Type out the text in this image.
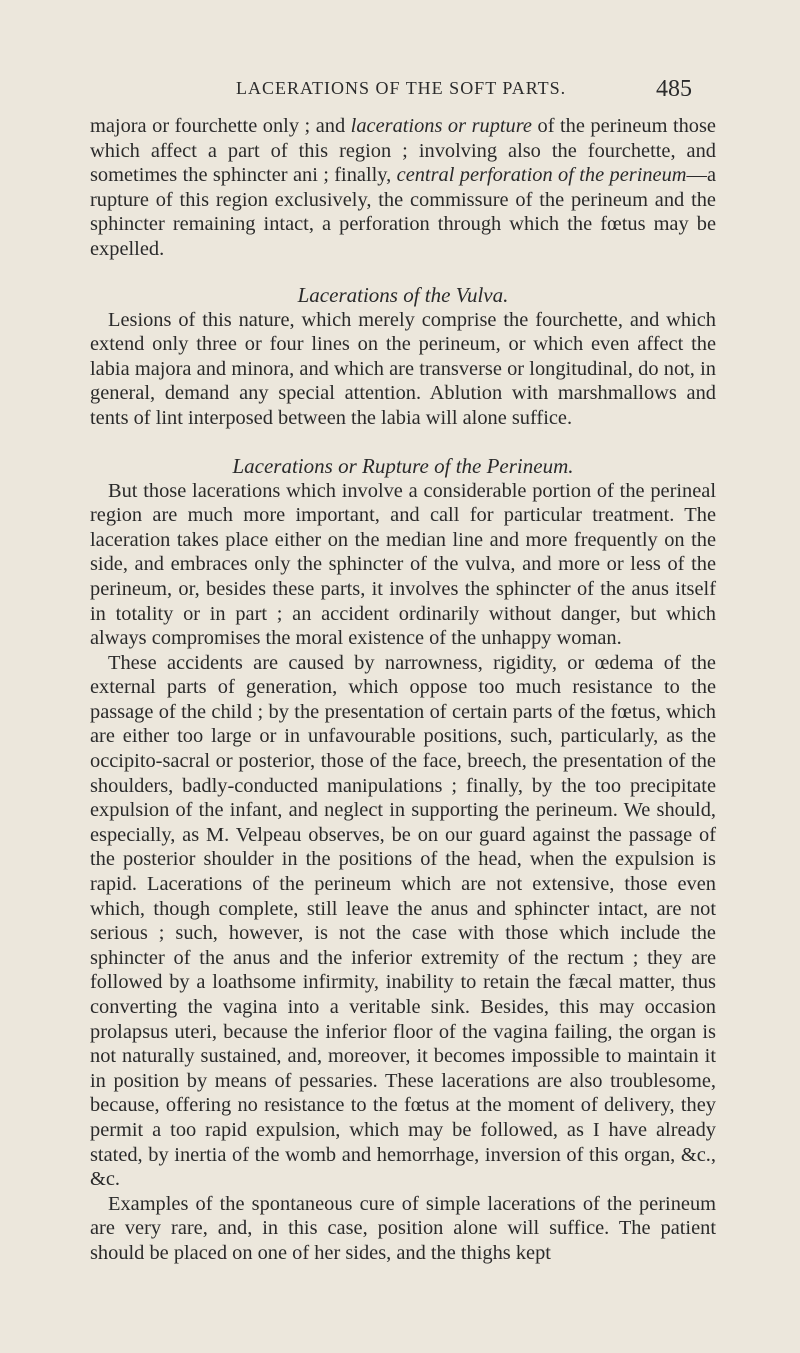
LACERATIONS OF THE SOFT PARTS.	485

majora or fourchette only ; and lacerations or rupture of the perineum those which affect a part of this region ; involving also the fourchette, and sometimes the sphincter ani ; finally, central perforation of the perineum—a rupture of this region exclusively, the commissure of the perineum and the sphincter remaining intact, a perforation through which the fœtus may be expelled.

Lacerations of the Vulva.

Lesions of this nature, which merely comprise the fourchette, and which extend only three or four lines on the perineum, or which even affect the labia majora and minora, and which are transverse or longitudinal, do not, in general, demand any special attention. Ablution with marshmallows and tents of lint interposed between the labia will alone suffice.

Lacerations or Rupture of the Perineum.

But those lacerations which involve a considerable portion of the perineal region are much more important, and call for particular treatment. The laceration takes place either on the median line and more frequently on the side, and embraces only the sphincter of the vulva, and more or less of the perineum, or, besides these parts, it involves the sphincter of the anus itself in totality or in part ; an accident ordinarily without danger, but which always compromises the moral existence of the unhappy woman.

These accidents are caused by narrowness, rigidity, or œdema of the external parts of generation, which oppose too much resistance to the passage of the child ; by the presentation of certain parts of the fœtus, which are either too large or in unfavourable positions, such, particularly, as the occipito-sacral or posterior, those of the face, breech, the presentation of the shoulders, badly-conducted manipulations ; finally, by the too precipitate expulsion of the infant, and neglect in supporting the perineum. We should, especially, as M. Velpeau observes, be on our guard against the passage of the posterior shoulder in the positions of the head, when the expulsion is rapid. Lacerations of the perineum which are not extensive, those even which, though complete, still leave the anus and sphincter intact, are not serious ; such, however, is not the case with those which include the sphincter of the anus and the inferior extremity of the rectum ; they are followed by a loathsome infirmity, inability to retain the fæcal matter, thus converting the vagina into a veritable sink. Besides, this may occasion prolapsus uteri, because the inferior floor of the vagina failing, the organ is not naturally sustained, and, moreover, it becomes impossible to maintain it in position by means of pessaries. These lacerations are also troublesome, because, offering no resistance to the fœtus at the moment of delivery, they permit a too rapid expulsion, which may be followed, as I have already stated, by inertia of the womb and hemorrhage, inversion of this organ, &c., &c.

Examples of the spontaneous cure of simple lacerations of the perineum are very rare, and, in this case, position alone will suffice. The patient should be placed on one of her sides, and the thighs kept
